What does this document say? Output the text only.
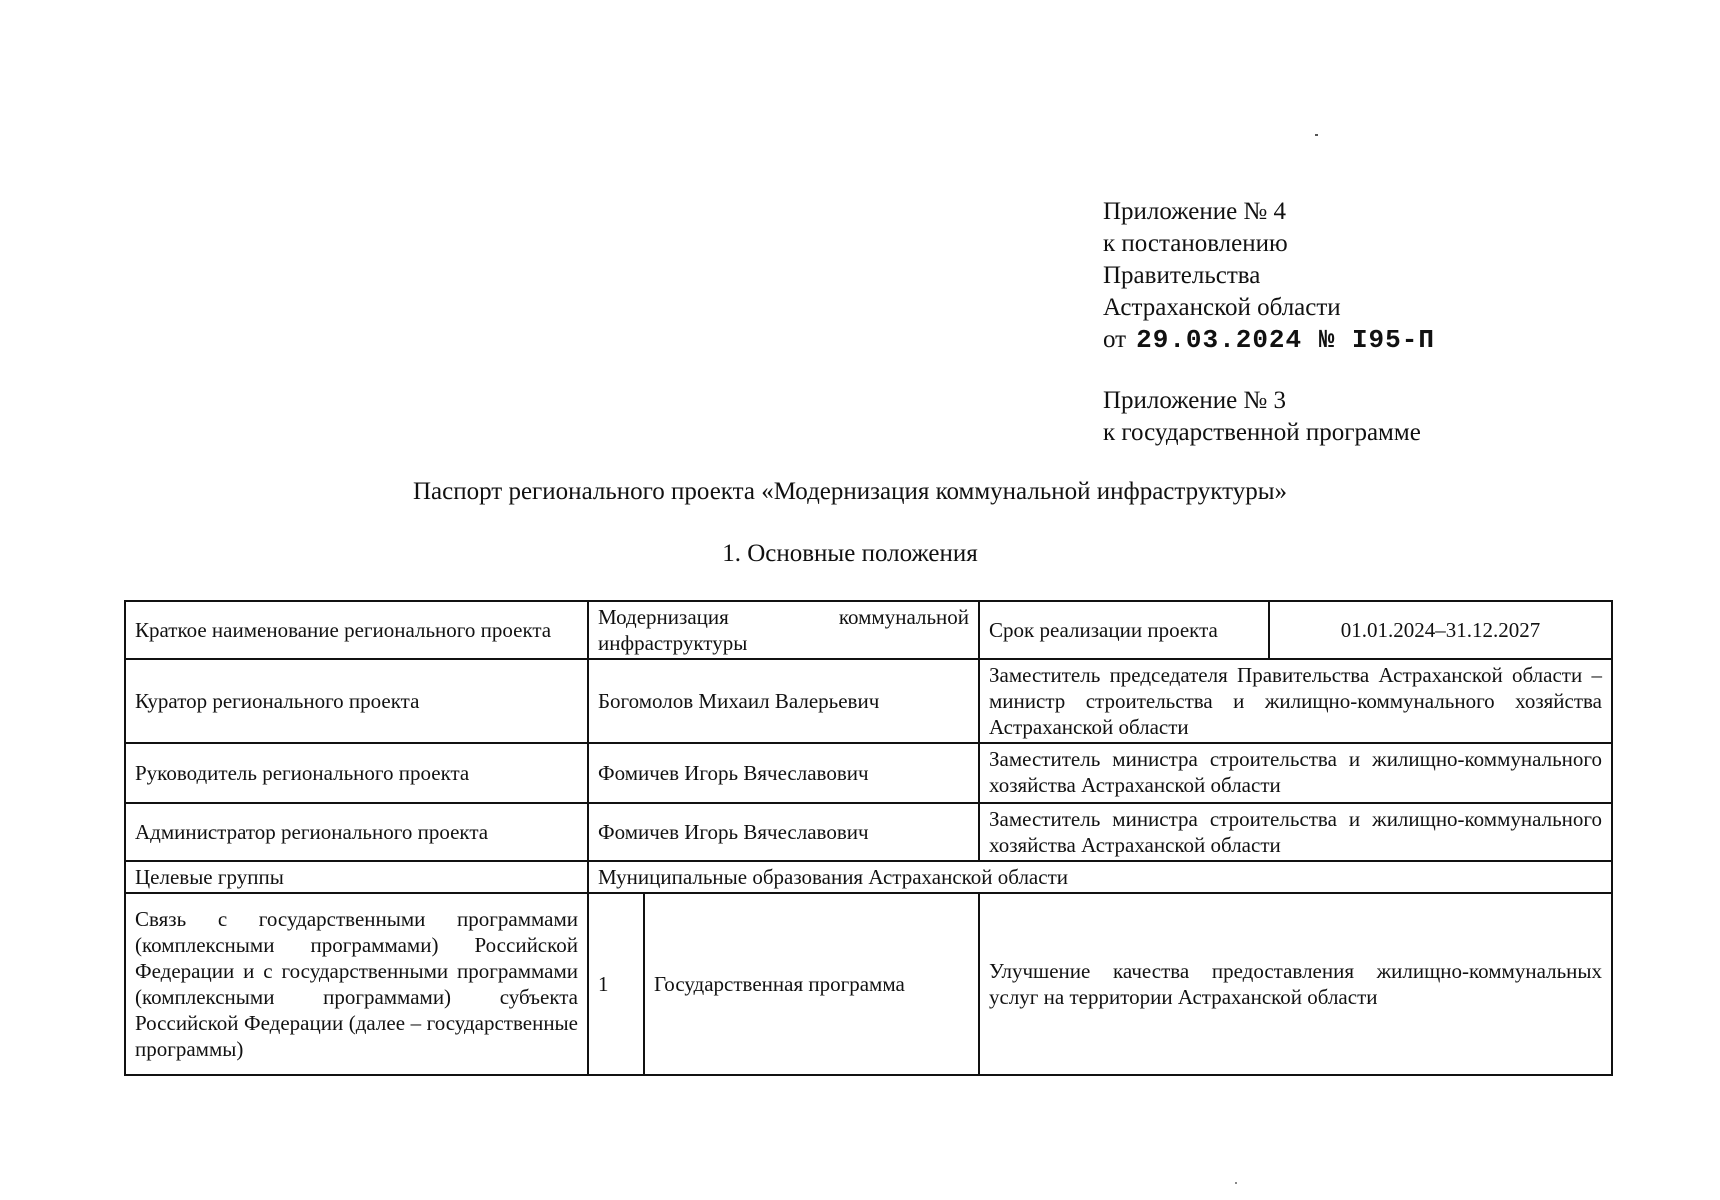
Приложение № 4
к постановлению
Правительства
Астраханской области
от 29.03.2024 № I95-П
Приложение № 3
к государственной программе
Паспорт регионального проекта «Модернизация коммунальной инфраструктуры»
1. Основные положения
Краткое наименование регионального проекта	Модернизация коммунальной инфраструктуры		Срок реализации проекта	01.01.2024–31.12.2027
Куратор регионального проекта	Богомолов Михаил Валерьевич		Заместитель председателя Правительства Астраханской области – министр строительства и жилищно-коммунального хозяйства Астраханской области	
Руководитель регионального проекта	Фомичев Игорь Вячеславович		Заместитель министра строительства и жилищно-коммунального хозяйства Астраханской области	
Администратор регионального проекта	Фомичев Игорь Вячеславович		Заместитель министра строительства и жилищно-коммунального хозяйства Астраханской области	
Целевые группы	Муниципальные образования Астраханской области			
Связь с государственными программами (комплексными программами) Российской Федерации и с государственными программами (комплексными программами) субъекта Российской Федерации (далее – государственные программы)	1	Государственная программа	Улучшение качества предоставления жилищно-коммунальных услуг на территории Астраханской области	
